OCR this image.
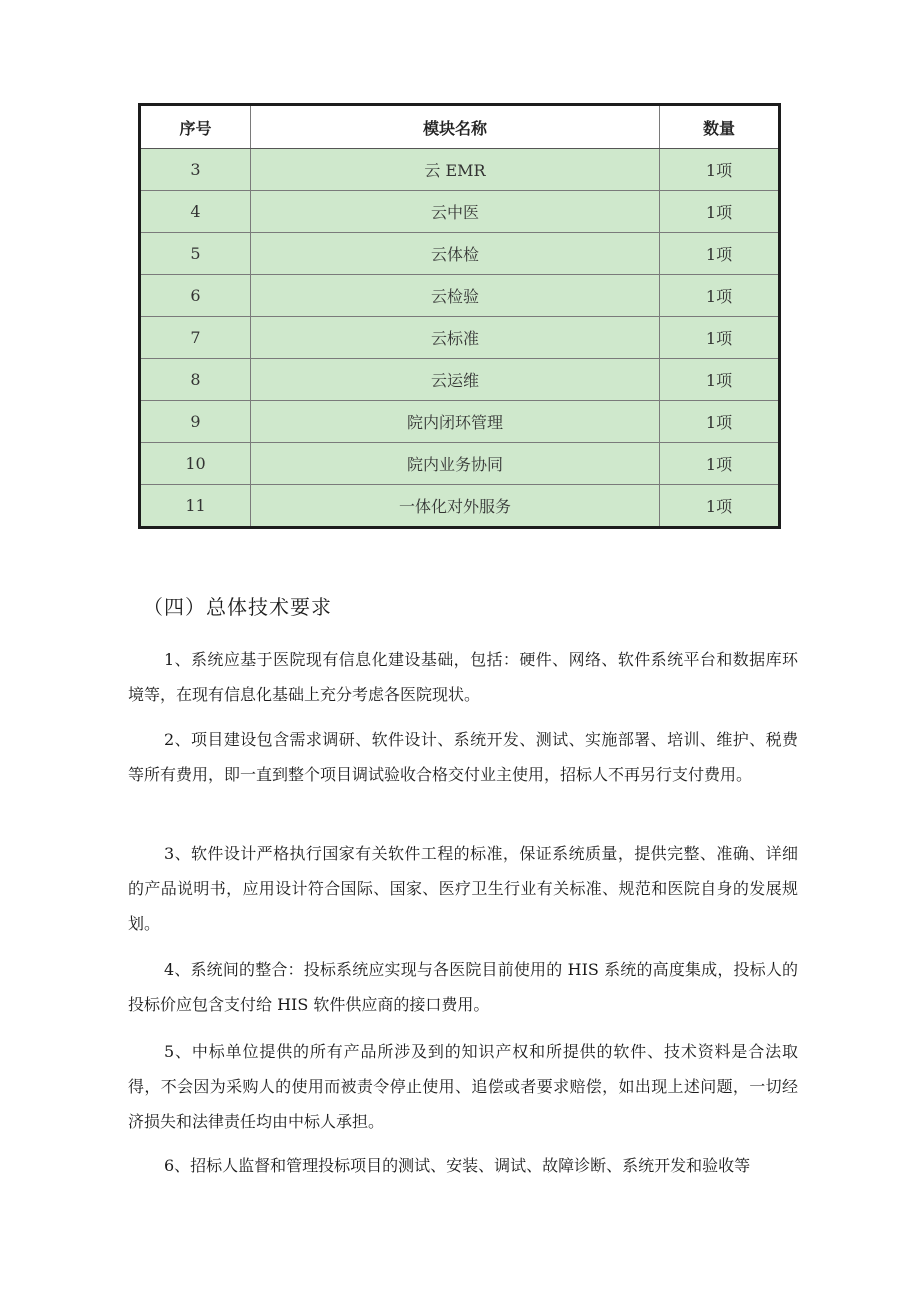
序号	模块名称	数量
3	云 EMR	1项
4	云中医	1项
5	云体检	1项
6	云检验	1项
7	云标准	1项
8	云运维	1项
9	院内闭环管理	1项
10	院内业务协同	1项
11	一体化对外服务	1项
（四）总体技术要求

1、系统应基于医院现有信息化建设基础，包括：硬件、网络、软件系统平台和数据库环境等，在现有信息化基础上充分考虑各医院现状。

2、项目建设包含需求调研、软件设计、系统开发、测试、实施部署、培训、维护、税费等所有费用，即一直到整个项目调试验收合格交付业主使用，招标人不再另行支付费用。

3、软件设计严格执行国家有关软件工程的标准，保证系统质量，提供完整、准确、详细的产品说明书，应用设计符合国际、国家、医疗卫生行业有关标准、规范和医院自身的发展规划。

4、系统间的整合：投标系统应实现与各医院目前使用的 HIS 系统的高度集成，投标人的投标价应包含支付给 HIS 软件供应商的接口费用。

5、中标单位提供的所有产品所涉及到的知识产权和所提供的软件、技术资料是合法取得，不会因为采购人的使用而被责令停止使用、追偿或者要求赔偿，如出现上述问题，一切经济损失和法律责任均由中标人承担。

6、招标人监督和管理投标项目的测试、安装、调试、故障诊断、系统开发和验收等
